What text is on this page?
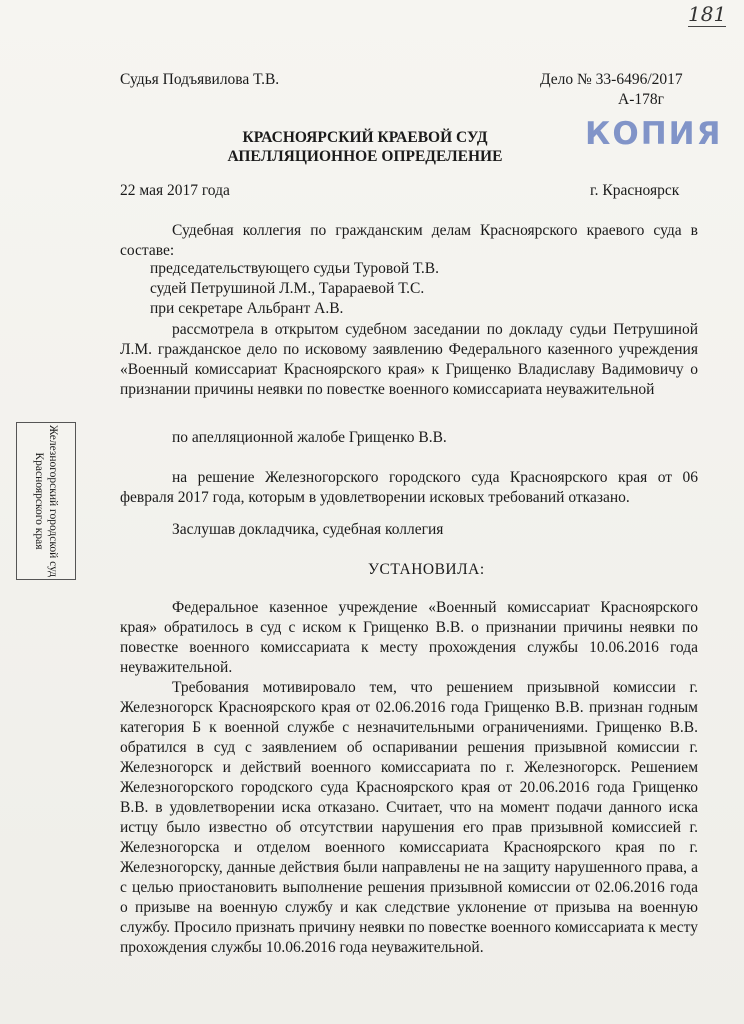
181
Судья Подъявилова Т.В.	Дело № 33-6496/2017
А-178г
КОПИЯ
КРАСНОЯРСКИЙ КРАЕВОЙ СУД
АПЕЛЛЯЦИОННОЕ ОПРЕДЕЛЕНИЕ
22 мая 2017 года	г. Красноярск
Судебная коллегия по гражданским делам Красноярского краевого суда в составе:
председательствующего судьи Туровой Т.В.
судей Петрушиной Л.М., Тарараевой Т.С.
при секретаре Альбрант А.В.
рассмотрела в открытом судебном заседании по докладу судьи Петрушиной Л.М. гражданское дело по исковому заявлению Федерального казенного учреждения «Военный комиссариат Красноярского края» к Грищенко Владиславу Вадимовичу о признании причины неявки по повестке военного комиссариата неуважительной
по апелляционной жалобе Грищенко В.В.
на решение Железногорского городского суда Красноярского края от 06 февраля 2017 года, которым в удовлетворении исковых требований отказано.
Заслушав докладчика, судебная коллегия
УСТАНОВИЛА:
Федеральное казенное учреждение «Военный комиссариат Красноярского края» обратилось в суд с иском к Грищенко В.В. о признании причины неявки по повестке военного комиссариата к месту прохождения службы 10.06.2016 года неуважительной.
Требования мотивировало тем, что решением призывной комиссии г. Железногорск Красноярского края от 02.06.2016 года Грищенко В.В. признан годным категория Б к военной службе с незначительными ограничениями. Грищенко В.В. обратился в суд с заявлением об оспаривании решения призывной комиссии г. Железногорск и действий военного комиссариата по г. Железногорск. Решением Железногорского городского суда Красноярского края от 20.06.2016 года Грищенко В.В. в удовлетворении иска отказано. Считает, что на момент подачи данного иска истцу было известно об отсутствии нарушения его прав призывной комиссией г. Железногорска и отделом военного комиссариата Красноярского края по г. Железногорску, данные действия были направлены не на защиту нарушенного права, а с целью приостановить выполнение решения призывной комиссии от 02.06.2016 года о призыве на военную службу и как следствие уклонение от призыва на военную службу. Просило признать причину неявки по повестке военного комиссариата к месту прохождения службы 10.06.2016 года неуважительной.
Железногорский городской суд
Красноярского края
